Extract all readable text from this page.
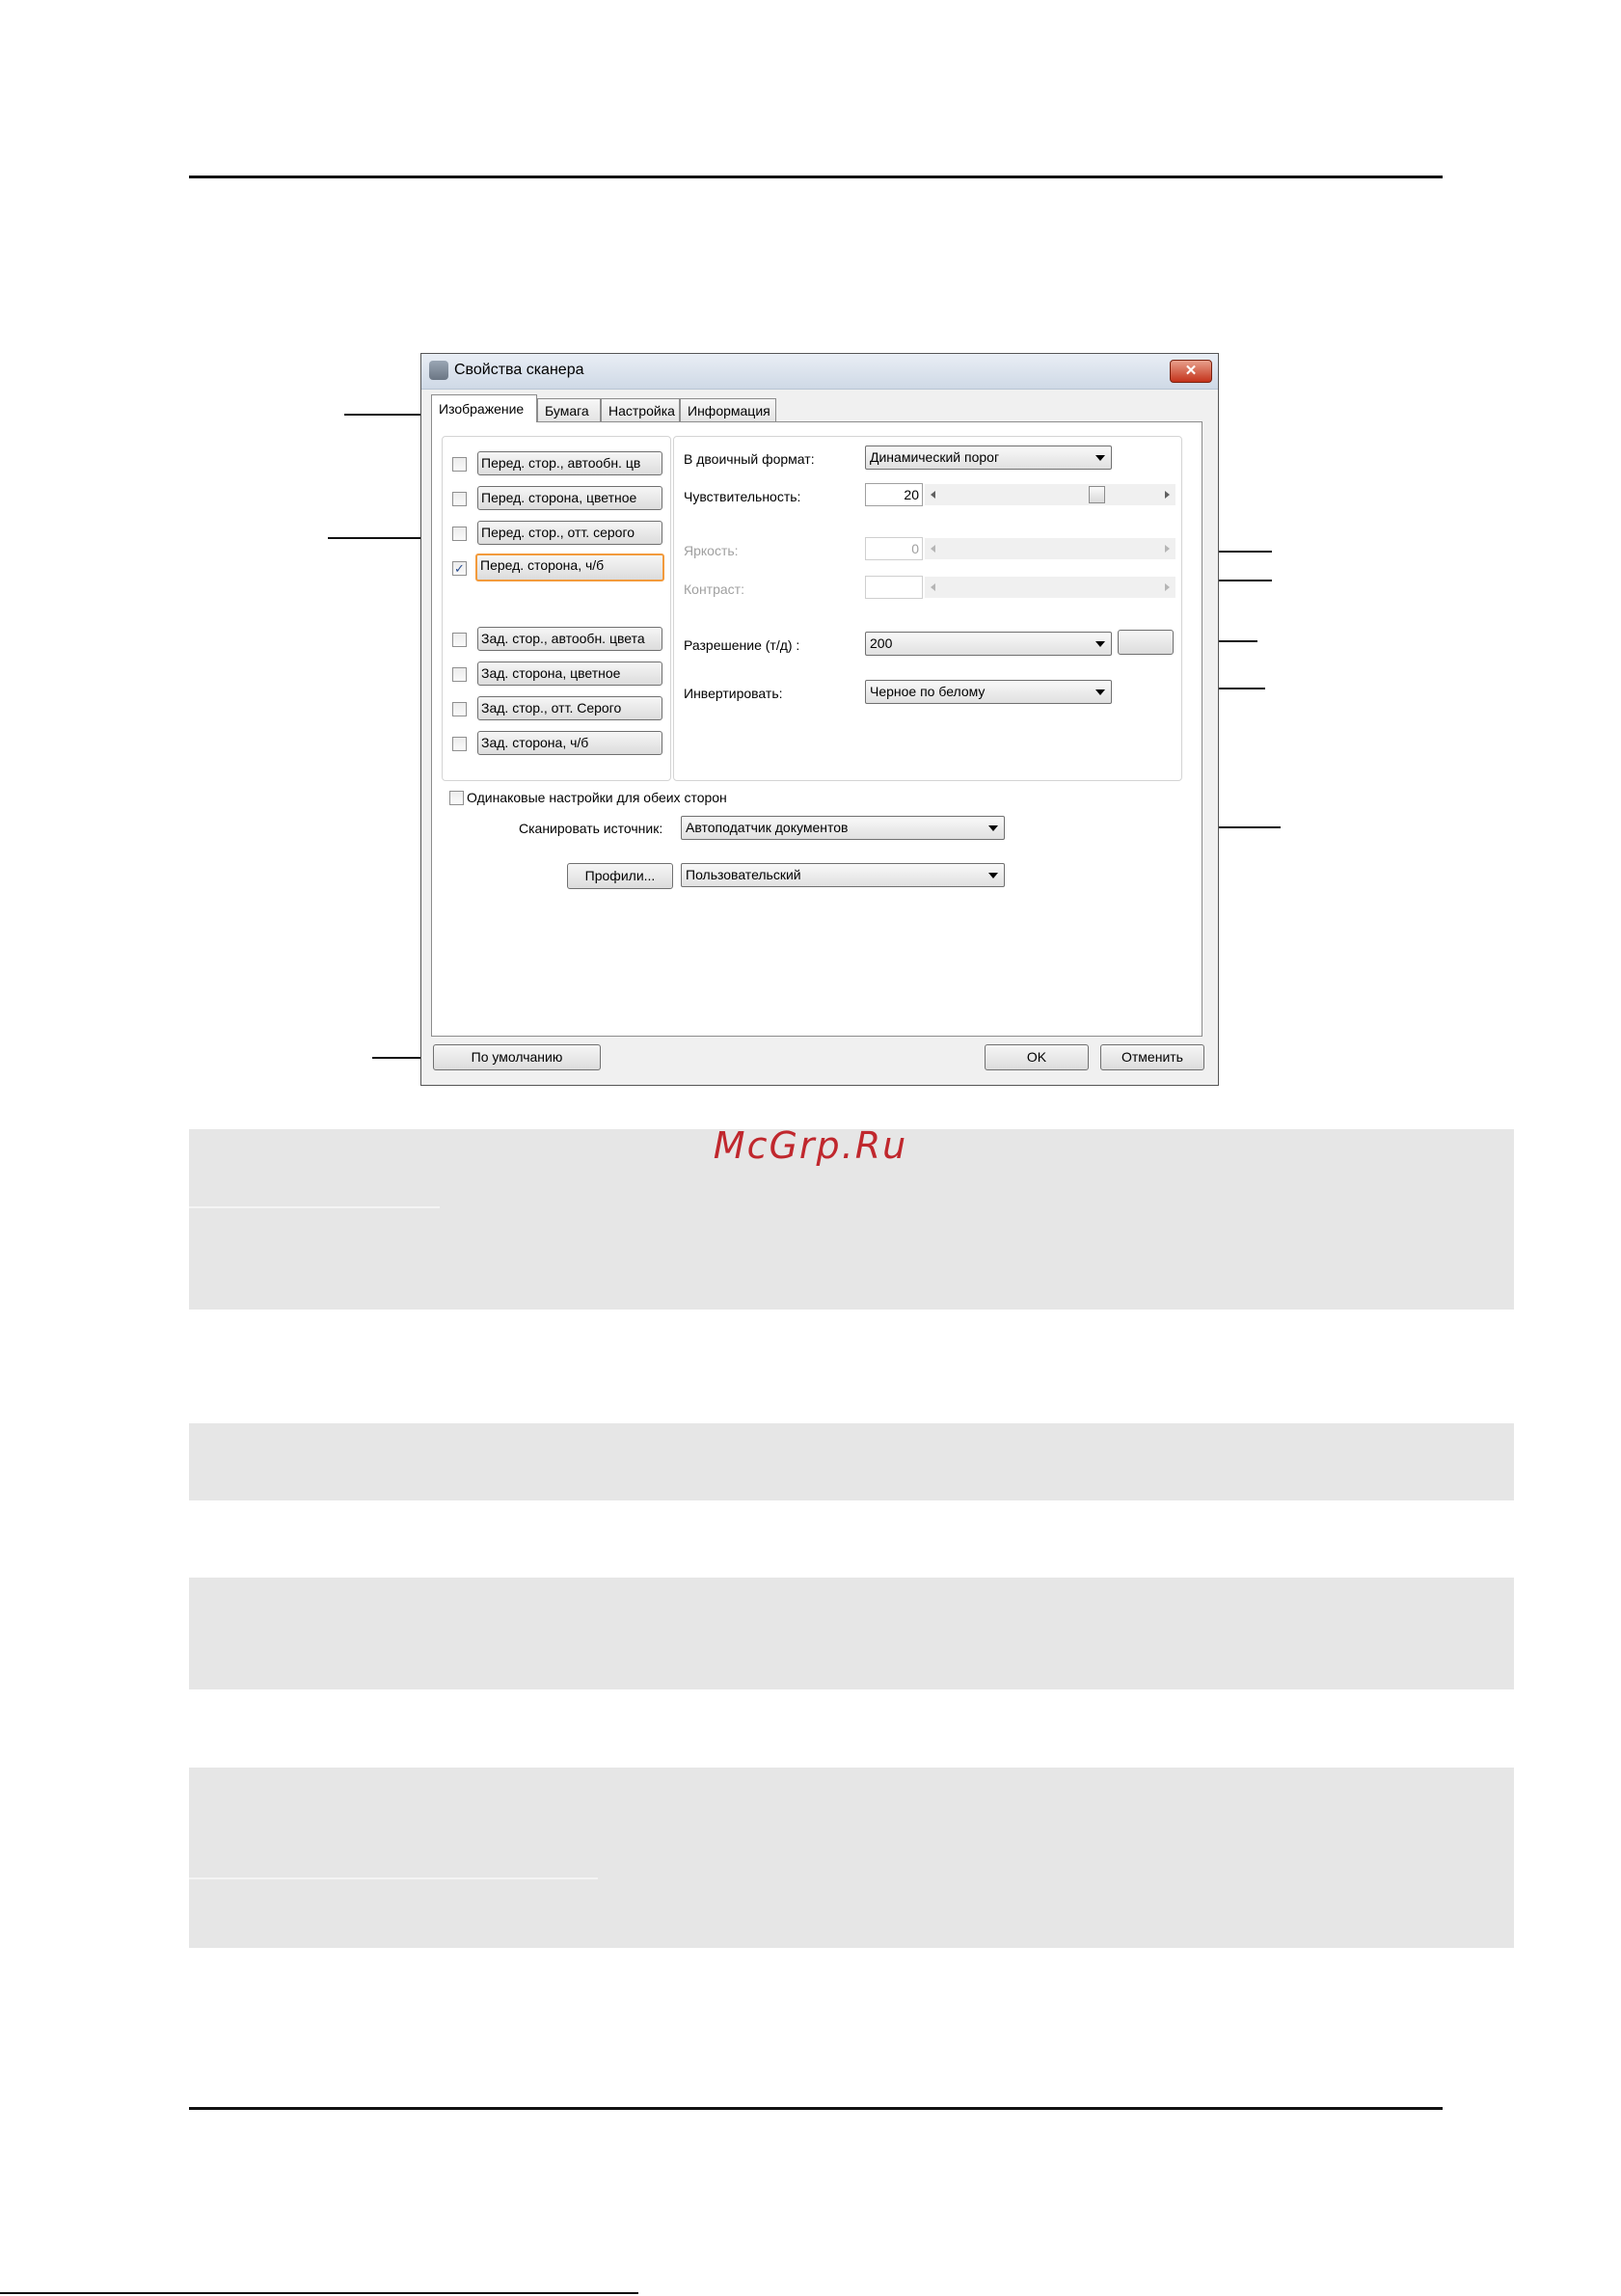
Свойства сканера	✕
Изображение	Бумага	Настройка Информация
Перед. стор., автообн. цв
Перед. сторона, цветное
Перед. стор., отт. серого
✓	Перед. сторона, ч/б
Зад. стор., автообн. цвета
Зад. сторона, цветное
Зад. стор., отт. Серого
Зад. сторона, ч/б
В двоичный формат:	Динамический порог
Чувствительность:	20
Яркость:	0
Контраст:
Разрешение (т/д) :	200
Инвертировать:	Черное по белому
Одинаковые настройки для обеих сторон
Сканировать источник:	Автоподатчик документов
Профили...	Пользовательский
По умолчанию	OK	Отменить
McGrp.Ru
